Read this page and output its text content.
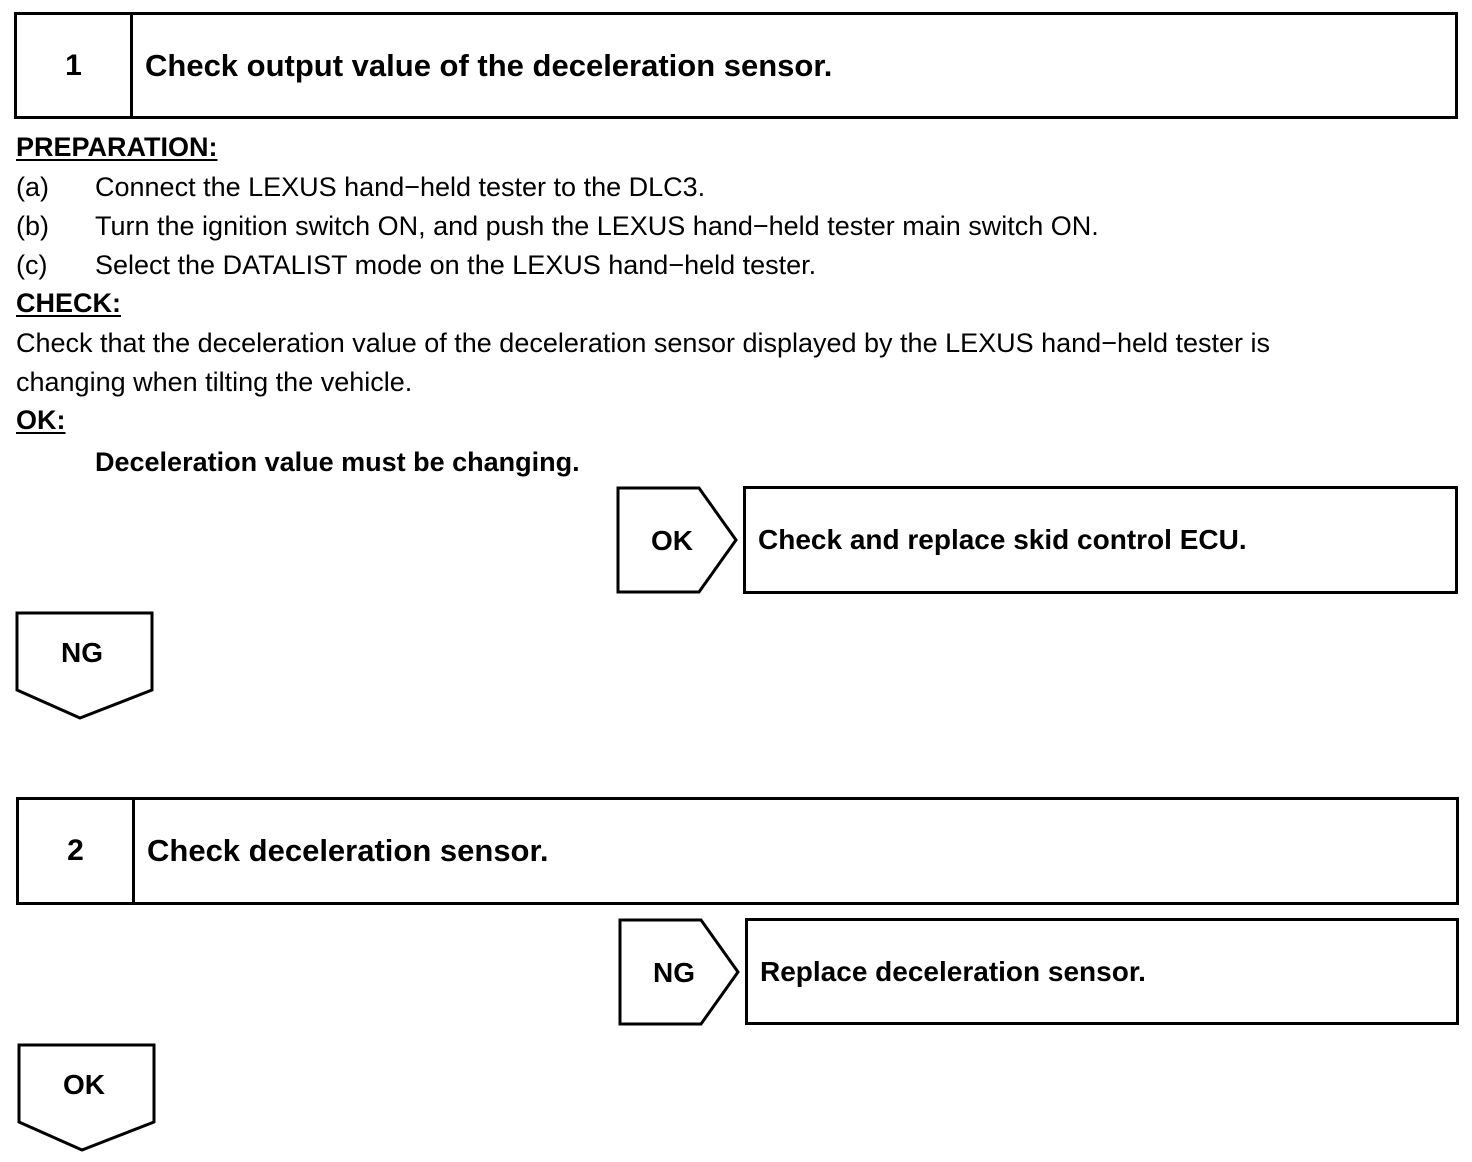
1	Check output value of the deceleration sensor.
PREPARATION:
(a) Connect the LEXUS hand−held tester to the DLC3.
(b) Turn the ignition switch ON, and push the LEXUS hand−held tester main switch ON.
(c) Select the DATALIST mode on the LEXUS hand−held tester.
CHECK:
Check that the deceleration value of the deceleration sensor displayed by the LEXUS hand−held tester is
changing when tilting the vehicle.
OK:
Deceleration value must be changing.
OK	Check and replace skid control ECU.
NG
2	Check deceleration sensor.
NG	Replace deceleration sensor.
OK
